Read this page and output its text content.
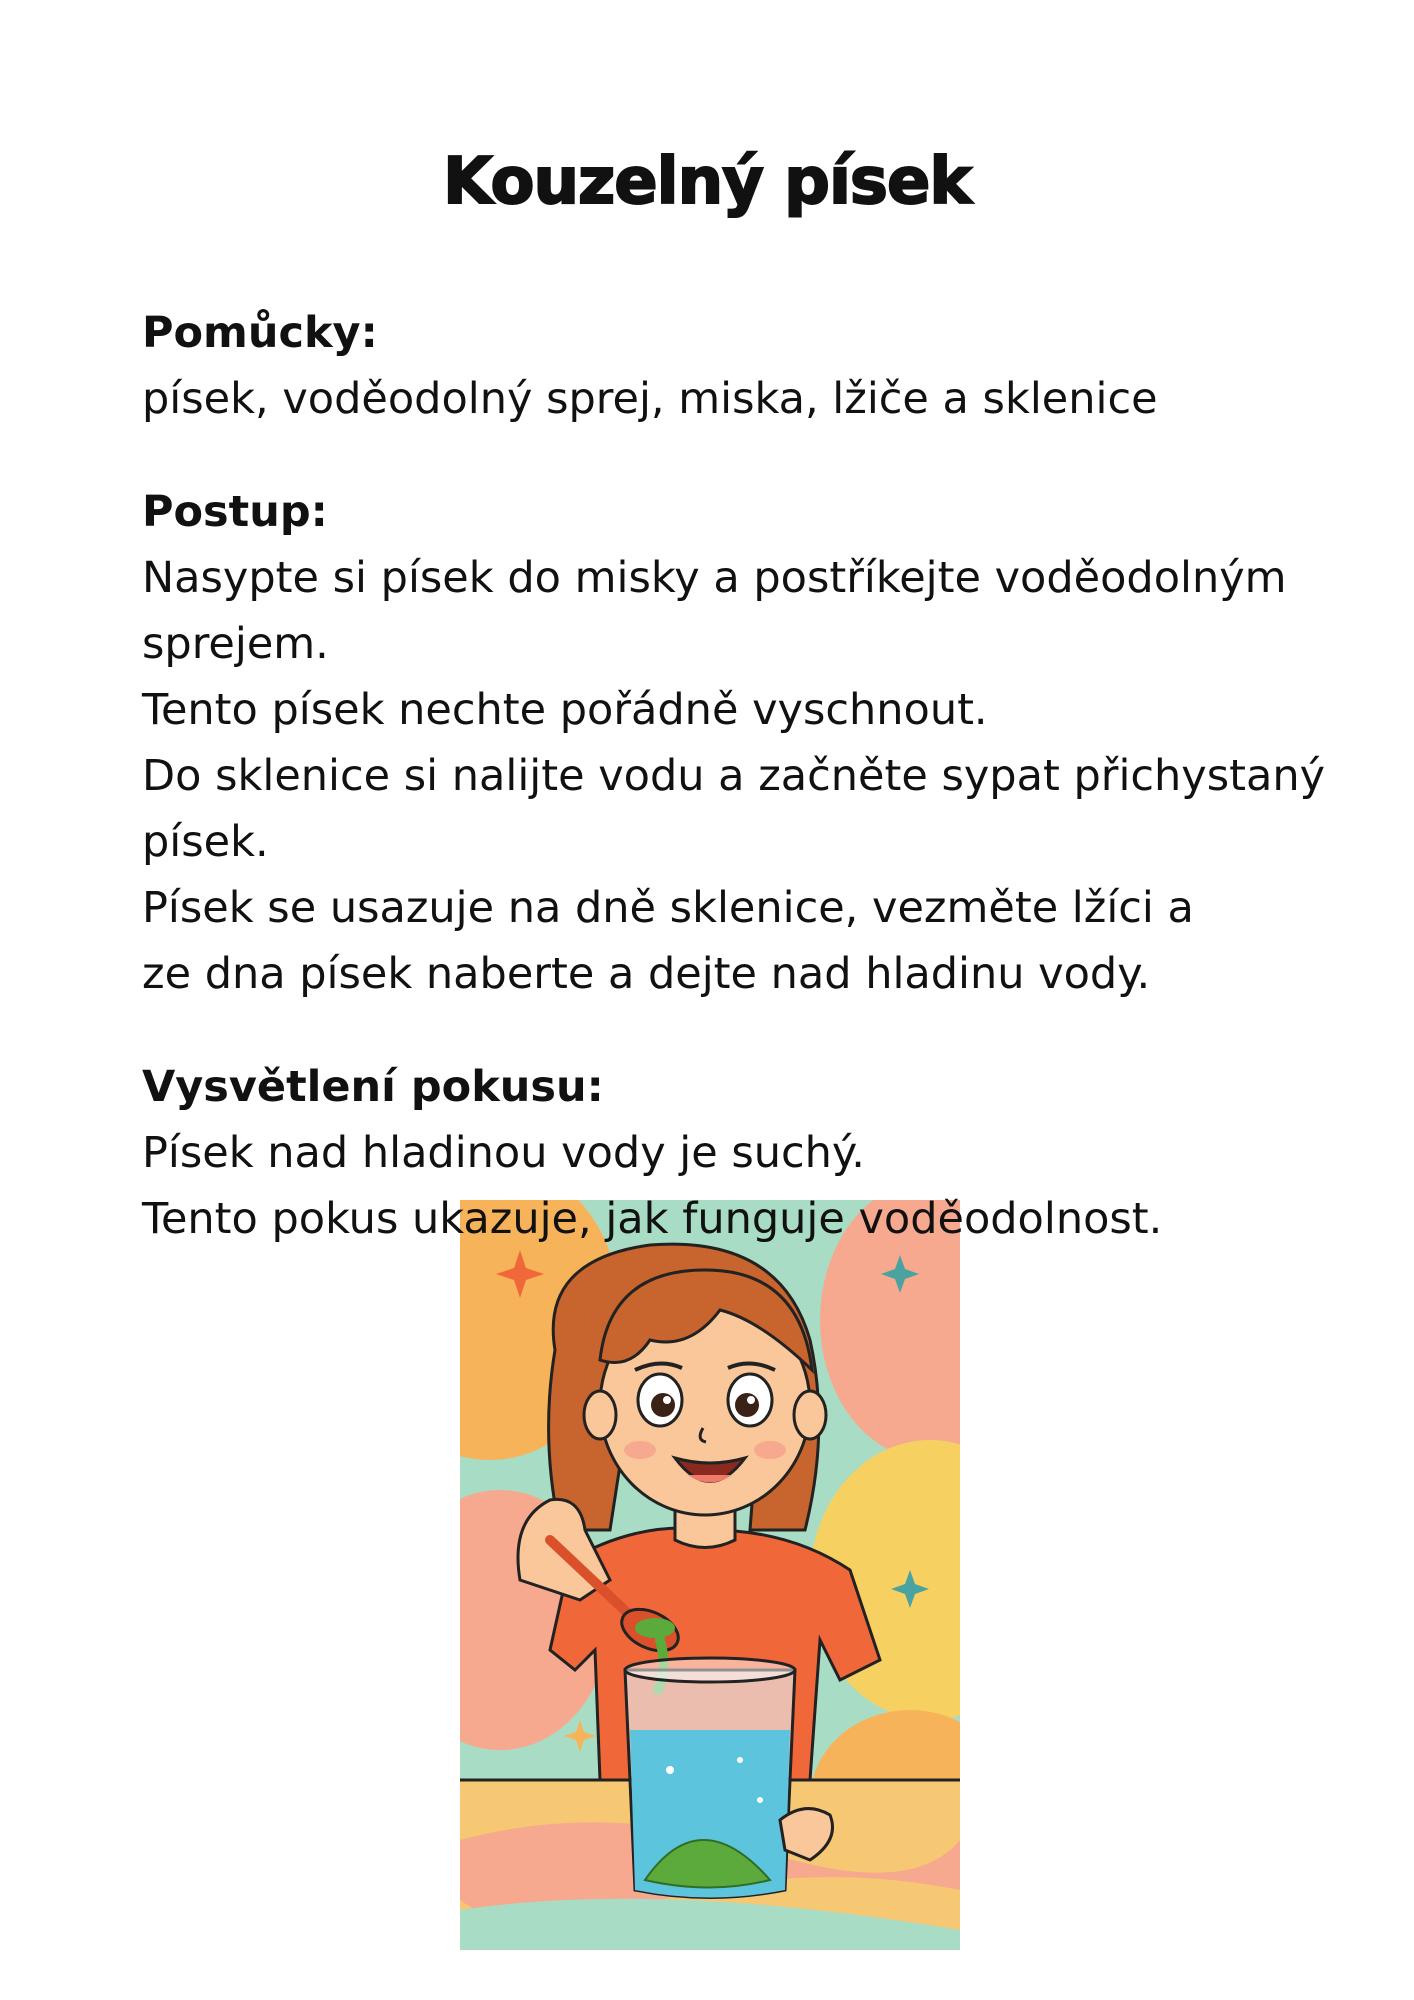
Kouzelný písek
Pomůcky:
písek, voděodolný sprej, miska, lžiče a sklenice
Postup:
Nasypte si písek do misky a postříkejte voděodolným
sprejem.
Tento písek nechte pořádně vyschnout.
Do sklenice si nalijte vodu a začněte sypat přichystaný
písek.
Písek se usazuje na dně sklenice, vezměte lžíci a
ze dna písek naberte a dejte nad hladinu vody.
Vysvětlení pokusu:
Písek nad hladinou vody je suchý.
Tento pokus ukazuje, jak funguje voděodolnost.
